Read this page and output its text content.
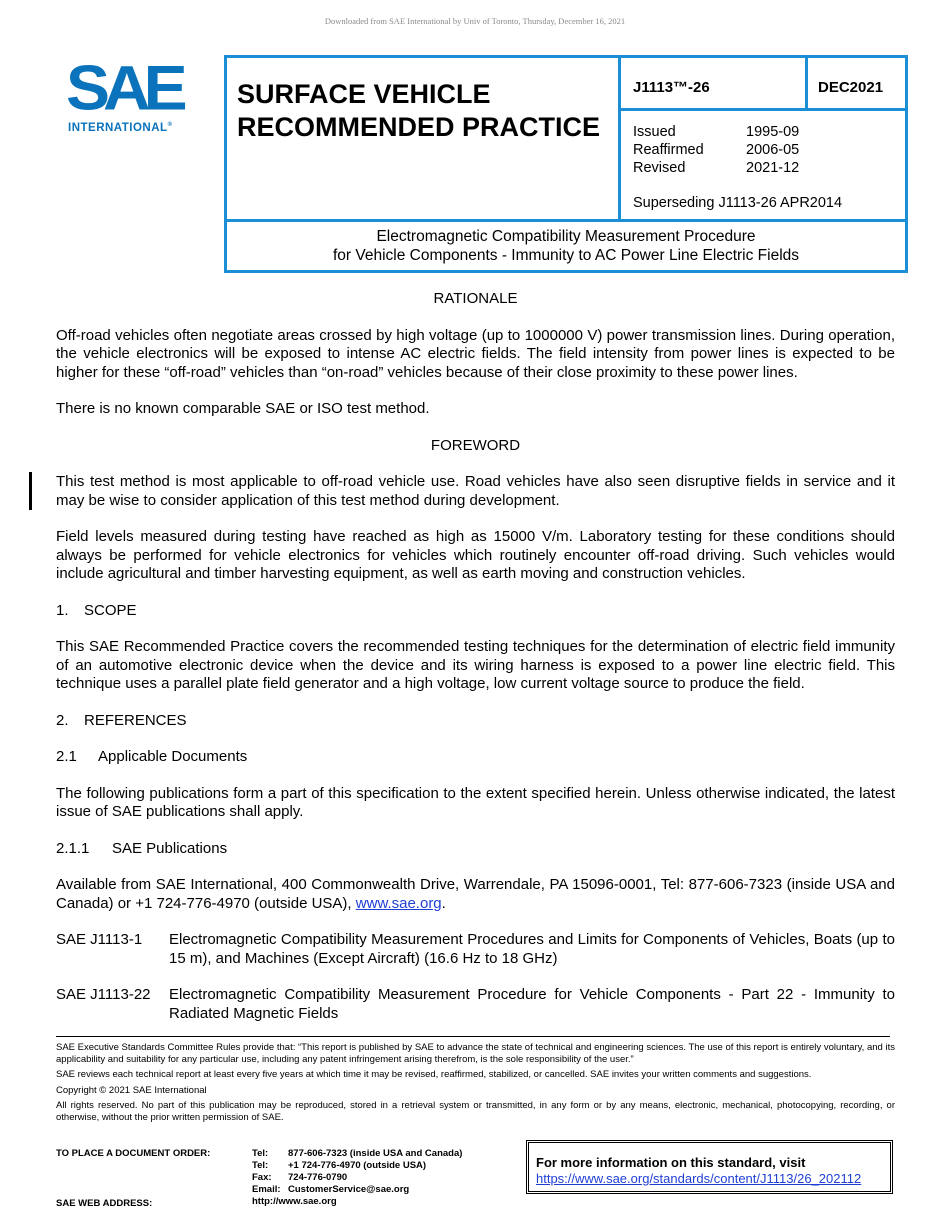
Downloaded from SAE International by Univ of Toronto, Thursday, December 16, 2021
SAE
INTERNATIONAL®
SURFACE VEHICLE
RECOMMENDED PRACTICE
J1113™-26	DEC2021
Issued	1995-09
Reaffirmed	2006-05
Revised	2021-12
Superseding J1113-26 APR2014
Electromagnetic Compatibility Measurement Procedure
for Vehicle Components - Immunity to AC Power Line Electric Fields
RATIONALE

Off-road vehicles often negotiate areas crossed by high voltage (up to 1000000 V) power transmission lines. During operation, the vehicle electronics will be exposed to intense AC electric fields. The field intensity from power lines is expected to be higher for these “off-road” vehicles than “on-road” vehicles because of their close proximity to these power lines.

There is no known comparable SAE or ISO test method.

FOREWORD

This test method is most applicable to off-road vehicle use. Road vehicles have also seen disruptive fields in service and it may be wise to consider application of this test method during development.

Field levels measured during testing have reached as high as 15000 V/m. Laboratory testing for these conditions should always be performed for vehicle electronics for vehicles which routinely encounter off-road driving. Such vehicles would include agricultural and timber harvesting equipment, as well as earth moving and construction vehicles.

1. SCOPE

This SAE Recommended Practice covers the recommended testing techniques for the determination of electric field immunity of an automotive electronic device when the device and its wiring harness is exposed to a power line electric field. This technique uses a parallel plate field generator and a high voltage, low current voltage source to produce the field.

2. REFERENCES
2.1 Applicable Documents

The following publications form a part of this specification to the extent specified herein. Unless otherwise indicated, the latest issue of SAE publications shall apply.

2.1.1 SAE Publications

Available from SAE International, 400 Commonwealth Drive, Warrendale, PA 15096-0001, Tel: 877-606-7323 (inside USA and Canada) or +1 724-776-4970 (outside USA), www.sae.org.

SAE J1113-1	Electromagnetic Compatibility Measurement Procedures and Limits for Components of Vehicles, Boats (up to 15 m), and Machines (Except Aircraft) (16.6 Hz to 18 GHz)
SAE J1113-22	Electromagnetic Compatibility Measurement Procedure for Vehicle Components - Part 22 - Immunity to Radiated Magnetic Fields

SAE Executive Standards Committee Rules provide that: “This report is published by SAE to advance the state of technical and engineering sciences. The use of this report is entirely voluntary, and its applicability and suitability for any particular use, including any patent infringement arising therefrom, is the sole responsibility of the user.”

SAE reviews each technical report at least every five years at which time it may be revised, reaffirmed, stabilized, or cancelled. SAE invites your written comments and suggestions.

Copyright © 2021 SAE International

All rights reserved. No part of this publication may be reproduced, stored in a retrieval system or transmitted, in any form or by any means, electronic, mechanical, photocopying, recording, or otherwise, without the prior written permission of SAE.

TO PLACE A DOCUMENT ORDER:
SAE WEB ADDRESS:
Tel:	877-606-7323 (inside USA and Canada)
Tel:	+1 724-776-4970 (outside USA)
Fax:	724-776-0790
Email: CustomerService@sae.org
http://www.sae.org
For more information on this standard, visit
https://www.sae.org/standards/content/J1113/26_202112
